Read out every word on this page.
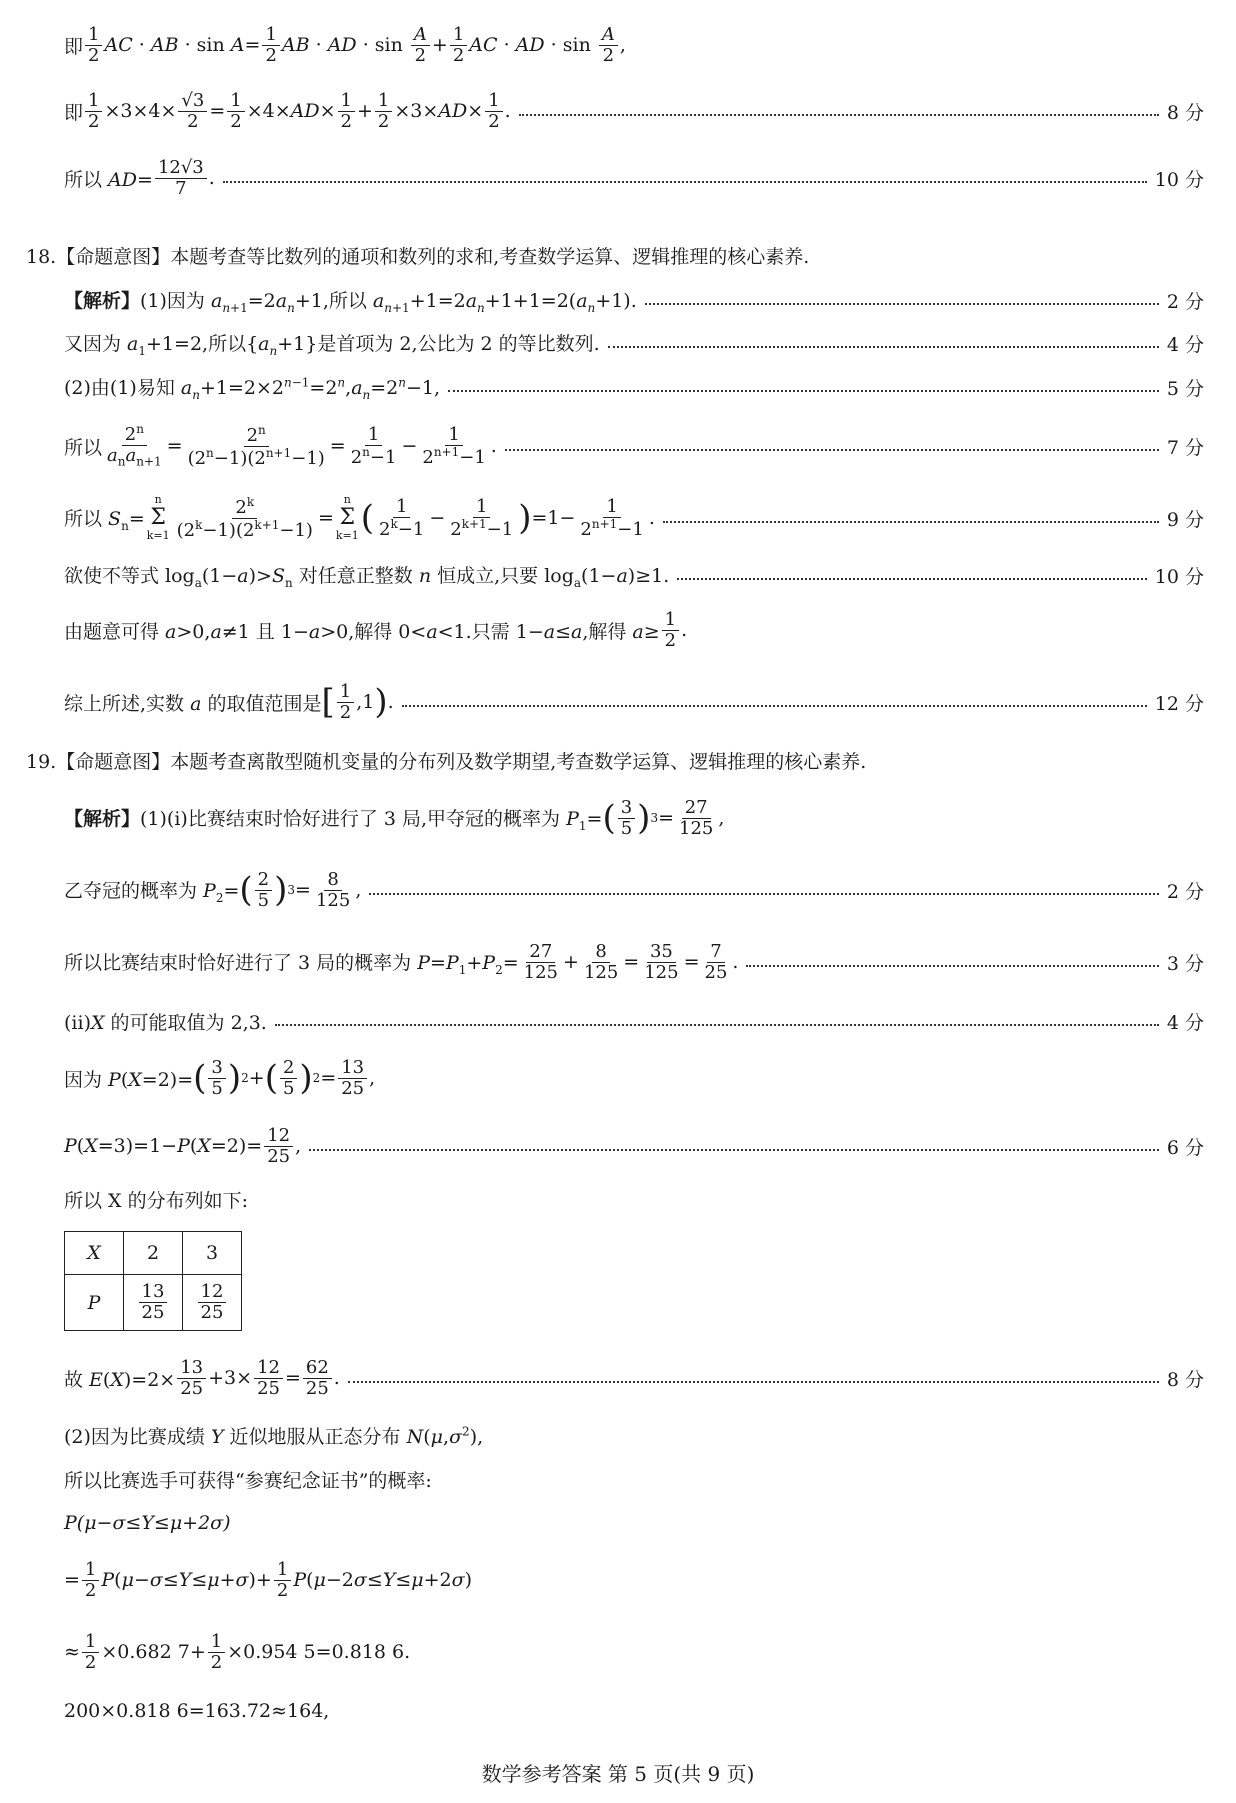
即 $\frac{1}{2}$ AC · AB · $\sin A = \frac{1}{2}$ AB · AD · $\sin \frac{A}{2} + \frac{1}{2}$ AC · AD · $\sin \frac{A}{2}$ ,
即 $\frac{1}{2} \times 3\times 4\times \frac{√3}{2} = \frac{1}{2} \times 4\times$ AD × $\frac{1}{2} + \frac{1}{2} \times 3\times$ AD × $\frac{1}{2}$ .	8 分
所以 $AD= \frac{12√3}{7}$ .	10 分
18.【命题意图】本题考查等比数列的通项和数列的求和,考查数学运算、逻辑推理的核心素养.
【解析】(1)因为 $a_{n+1}=2a_n+1$,所以 $a_{n+1}+1=2a_n+1+1=2(a_n+1)$.	2 分
又因为 $a_1+1=2$,所以$\{a_n+1\}$是首项为 2,公比为 2 的等比数列.	4 分
(2)由(1)易知 $a_n+1=2\times 2^{n-1}=2^n,a_n=2^n-1$,	5 分
所以 $\frac{2^n}{a_na_{n+1}} = \frac{2^n}{(2^n-1)(2^{n+1}-1)} = \frac{1}{2^n-1} - \frac{1}{2^{n+1}-1}$ .	7 分
所以 $S_n=$
n
Σ
$k=1 \frac{2^k}{(2^k-1)(2^{k+1}-1)}$ =
n
Σ
k=1 ( $\frac{1}{2^k-1} - \frac{1}{2^{k+1}-1}$ ) $=1- \frac{1}{2^{n+1}-1}$ .	9 分
欲使不等式 $\log_a(1-a)>S_n$ 对任意正整数 n 恒成立,只要 $\log_a(1-a)\ge 1$.	10 分
由题意可得 a>0,a≠1 且 1−a>0,解得 0<a<1.只需 1−a≤a,解得 $a\ge \frac{1}{2}$ .
综上所述,实数 a 的取值范围是 [ $\frac{1}{2} ,1$ ) .	12 分
19.【命题意图】本题考查离散型随机变量的分布列及数学期望,考查数学运算、逻辑推理的核心素养.
【解析】(1)(i)比赛结束时恰好进行了 3 局,甲夺冠的概率为 $P_1=$ ( $\frac{3}{5}$ ) $3 = \frac{27}{125}$ ,
乙夺冠的概率为 $P_2=$ ( $\frac{2}{5}$ ) $3 = \frac{8}{125}$ ,	2 分
所以比赛结束时恰好进行了 3 局的概率为 $P=P_1+P_2= \frac{27}{125} + \frac{8}{125} = \frac{35}{125} = \frac{7}{25}$ .	3 分
(ii)X 的可能取值为 2,3.	4 分
因为 P(X=2)= ( $\frac{3}{5}$ ) 2 + ( $\frac{2}{5}$ ) $2 = \frac{13}{25}$ ,
$P(X=3)=1-P(X=2)= \frac{12}{25}$ ,	6 分
所以 X 的分布列如下:
X	2	3
P	$\frac{13}{25}$	$\frac{12}{25}$
故 $E(X)=2\times \frac{13}{25} +3\times \frac{12}{25} = \frac{62}{25}$ .	8 分
(2)因为比赛成绩 Y 近似地服从正态分布 $N(\mu,\sigma^2)$,
所以比赛选手可获得“参赛纪念证书”的概率:
P(μ−σ≤Y≤μ+2σ)
= $\frac{1}{2} P(\mu-\sigma\le Y\le\mu+\sigma)+ \frac{1}{2} P(\mu-2\sigma\le Y\le\mu+2\sigma)$
≈ $\frac{1}{2} \times 0.682$ $7+ \frac{1}{2} \times 0.954$ 5=0.818 6.
200×0.818 6=163.72≈164,
数学参考答案 第 5 页(共 9 页)
